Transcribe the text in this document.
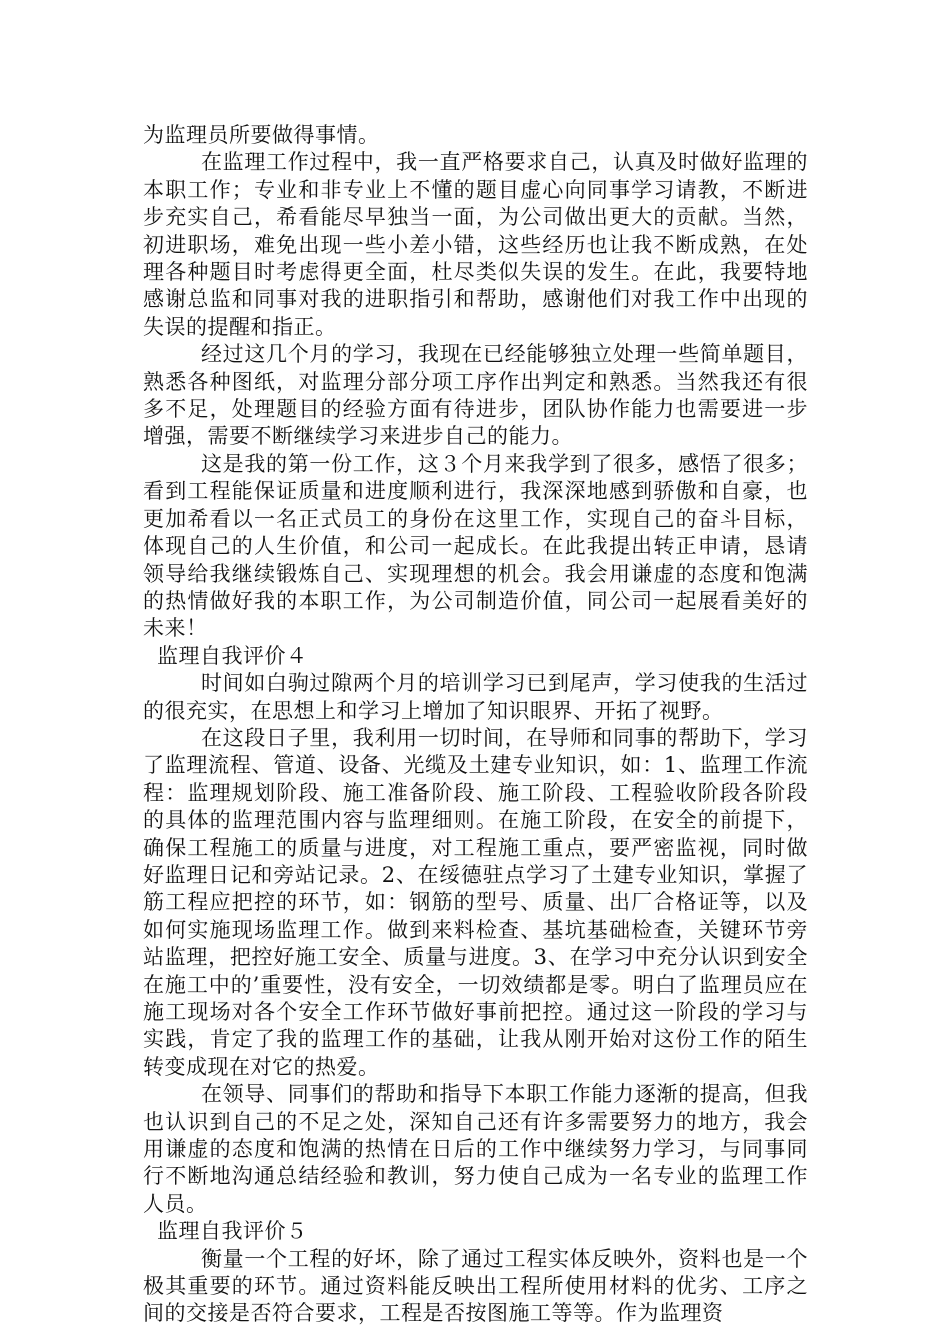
为监理员所要做得事情。

在监理工作过程中，我一直严格要求自己，认真及时做好监理的本职工作；专业和非专业上不懂的题目虚心向同事学习请教，不断进步充实自己，希看能尽早独当一面，为公司做出更大的贡献。当然，初进职场，难免出现一些小差小错，这些经历也让我不断成熟，在处理各种题目时考虑得更全面，杜尽类似失误的发生。在此，我要特地感谢总监和同事对我的进职指引和帮助，感谢他们对我工作中出现的失误的提醒和指正。

经过这几个月的学习，我现在已经能够独立处理一些简单题目，熟悉各种图纸，对监理分部分项工序作出判定和熟悉。当然我还有很多不足，处理题目的经验方面有待进步，团队协作能力也需要进一步增强，需要不断继续学习来进步自己的能力。

这是我的第一份工作，这３个月来我学到了很多，感悟了很多；看到工程能保证质量和进度顺利进行，我深深地感到骄傲和自豪，也更加希看以一名正式员工的身份在这里工作，实现自己的奋斗目标，体现自己的人生价值，和公司一起成长。在此我提出转正申请，恳请领导给我继续锻炼自己、实现理想的机会。我会用谦虚的态度和饱满的热情做好我的本职工作，为公司制造价值，同公司一起展看美好的未来！

监理自我评价４

时间如白驹过隙两个月的培训学习已到尾声，学习使我的生活过的很充实，在思想上和学习上增加了知识眼界、开拓了视野。

在这段日子里，我利用一切时间，在导师和同事的帮助下，学习了监理流程、管道、设备、光缆及土建专业知识，如：1、监理工作流程：监理规划阶段、施工准备阶段、施工阶段、工程验收阶段各阶段的具体的监理范围内容与监理细则。在施工阶段，在安全的前提下，确保工程施工的质量与进度，对工程施工重点，要严密监视，同时做好监理日记和旁站记录。2、在绥德驻点学习了土建专业知识，掌握了筋工程应把控的环节，如：钢筋的型号、质量、出厂合格证等，以及如何实施现场监理工作。做到来料检查、基坑基础检查，关键环节旁站监理，把控好施工安全、质量与进度。3、在学习中充分认识到安全在施工中的’重要性，没有安全，一切效绩都是零。明白了监理员应在施工现场对各个安全工作环节做好事前把控。通过这一阶段的学习与实践，肯定了我的监理工作的基础，让我从刚开始对这份工作的陌生转变成现在对它的热爱。

在领导、同事们的帮助和指导下本职工作能力逐渐的提高，但我也认识到自己的不足之处，深知自己还有许多需要努力的地方，我会用谦虚的态度和饱满的热情在日后的工作中继续努力学习，与同事同行不断地沟通总结经验和教训，努力使自己成为一名专业的监理工作人员。

监理自我评价５

衡量一个工程的好坏，除了通过工程实体反映外，资料也是一个极其重要的环节。通过资料能反映出工程所使用材料的优劣、工序之间的交接是否符合要求，工程是否按图施工等等。作为监理资
